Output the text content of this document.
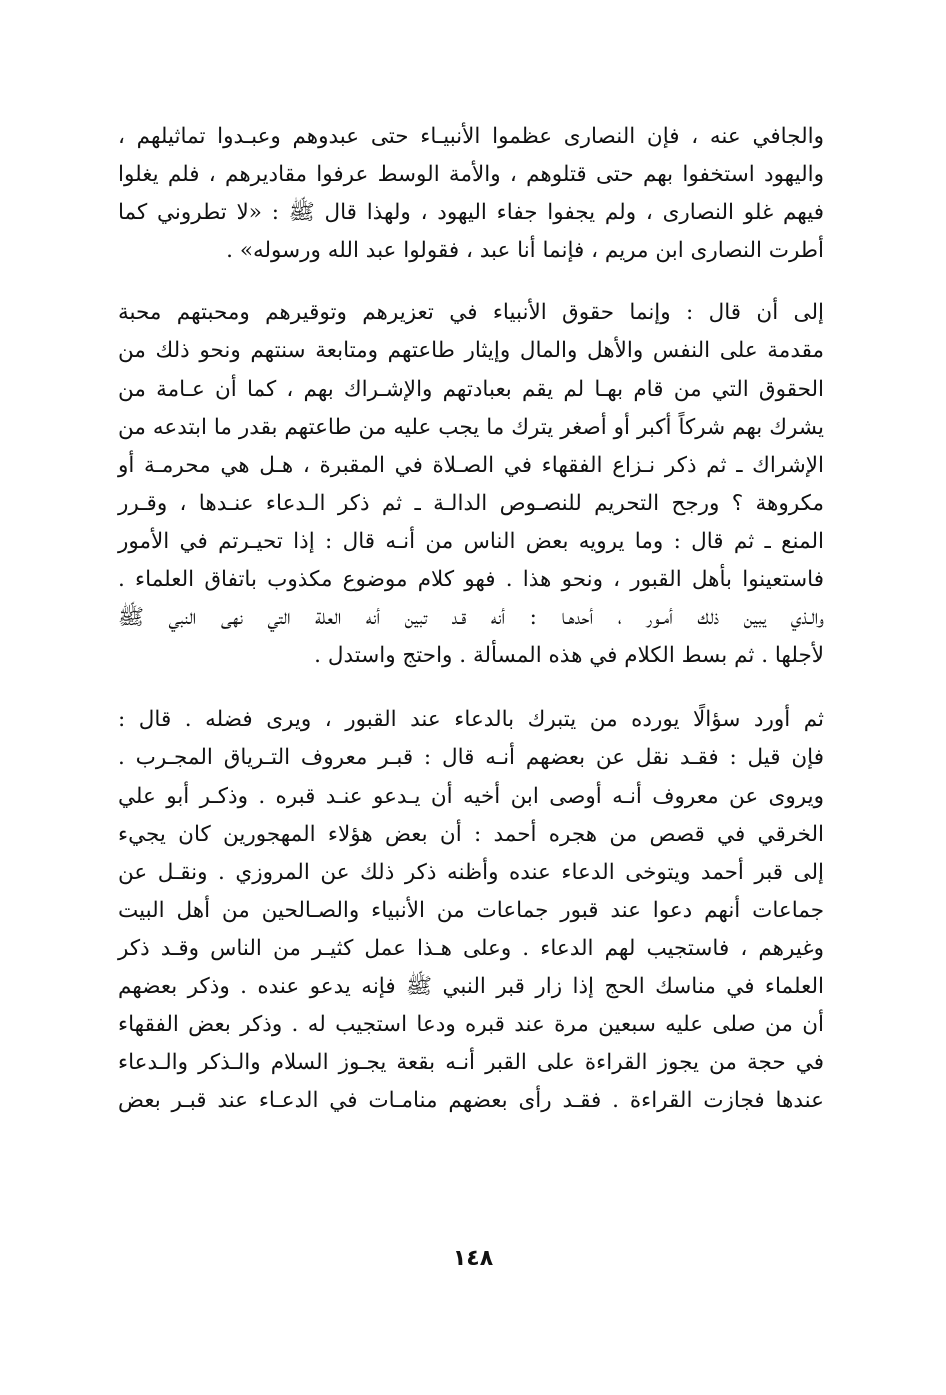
والجافي عنه ، فإن النصارى عظموا الأنبيـاء حتى عبدوهم وعبـدوا تماثيلهم ،
واليهود استخفوا بهم حتى قتلوهم ، والأمة الوسط عرفوا مقاديرهم ، فلم يغلوا
فيهم غلو النصارى ، ولم يجفوا جفاء اليهود ، ولهذا قال ﷺ : «لا تطروني كما
أطرت النصارى ابن مريم ، فإنما أنا عبد ، فقولوا عبد الله ورسوله» .
إلى أن قال : وإنما حقوق الأنبياء في تعزيرهم وتوقيرهم ومحبتهم محبة
مقدمة على النفس والأهل والمال وإيثار طاعتهم ومتابعة سنتهم ونحو ذلك من
الحقوق التي من قام بهـا لم يقم بعبادتهم والإشـراك بهم ، كما أن عـامة من
يشرك بهم شركاً أكبر أو أصغر يترك ما يجب عليه من طاعتهم بقدر ما ابتدعه من
الإشراك ـ ثم ذكر نـزاع الفقهاء في الصـلاة في المقبرة ، هـل هي محرمـة أو
مكروهة ؟ ورجح التحريم للنصـوص الدالـة ـ ثم ذكر الـدعاء عنـدها ، وقـرر
المنع ـ ثم قال : وما يرويه بعض الناس من أنـه قال : إذا تحيـرتم في الأمور
فاستعينوا بأهل القبور ، ونحو هذا . فهو كلام موضوع مكذوب باتفاق العلماء .
والـذي يبين ذلك أمـور ، أحدهـا : أنه قـد تبين أنه العلة التي نهى النبي ﷺ
لأجلها . ثم بسط الكلام في هذه المسألة . واحتج واستدل .
ثم أورد سؤالًا يورده من يتبرك بالدعاء عند القبور ، ويرى فضله . قال :
فإن قيل : فقـد نقل عن بعضهم أنـه قال : قبـر معروف التـرياق المجـرب .
ويروى عن معروف أنـه أوصى ابن أخيه أن يـدعو عنـد قبره . وذكـر أبو علي
الخرقي في قصص من هجره أحمد : أن بعض هؤلاء المهجورين كان يجيء
إلى قبر أحمد ويتوخى الدعاء عنده وأظنه ذكر ذلك عن المروزي . ونقـل عن
جماعات أنهم دعوا عند قبور جماعات من الأنبياء والصـالحين من أهل البيت
وغيرهم ، فاستجيب لهم الدعاء . وعلى هـذا عمل كثيـر من الناس وقـد ذكر
العلماء في مناسك الحج إذا زار قبر النبي ﷺ فإنه يدعو عنده . وذكر بعضهم
أن من صلى عليه سبعين مرة عند قبره ودعا استجيب له . وذكر بعض الفقهاء
في حجة من يجوز القراءة على القبر أنـه بقعة يجـوز السلام والـذكر والـدعاء
عندها فجازت القراءة . فقـد رأى بعضهم منامـات في الدعـاء عند قبـر بعض
١٤٨
